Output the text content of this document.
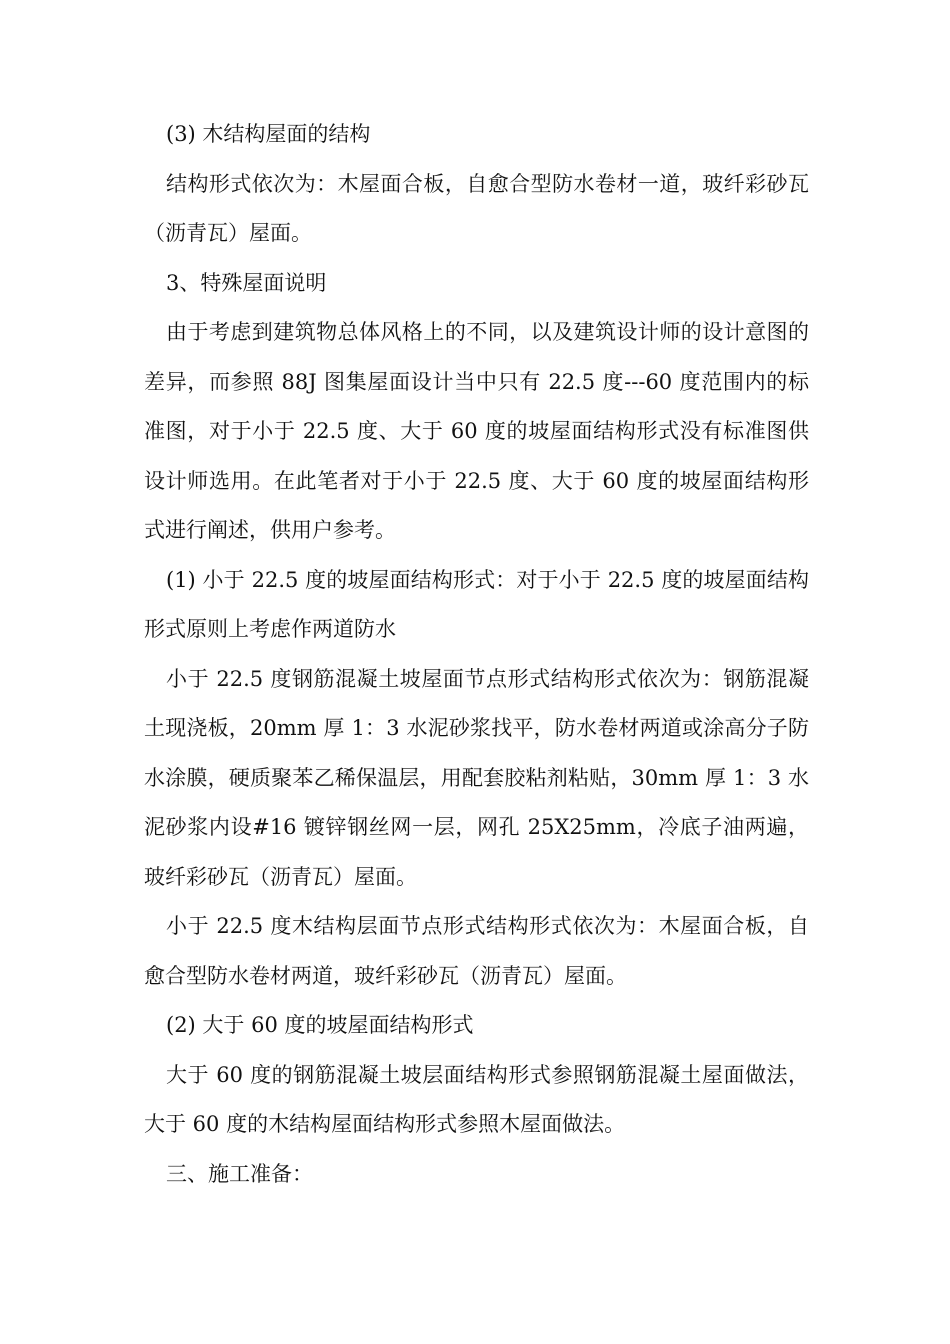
(3) 木结构屋面的结构

结构形式依次为：木屋面合板，自愈合型防水卷材一道，玻纤彩砂瓦（沥青瓦）屋面。

3、特殊屋面说明

由于考虑到建筑物总体风格上的不同，以及建筑设计师的设计意图的差异，而参照 88J 图集屋面设计当中只有 22.5 度---60 度范围内的标准图，对于小于 22.5 度、大于 60 度的坡屋面结构形式没有标准图供设计师选用。在此笔者对于小于 22.5 度、大于 60 度的坡屋面结构形式进行阐述，供用户参考。

(1) 小于 22.5 度的坡屋面结构形式：对于小于 22.5 度的坡屋面结构形式原则上考虑作两道防水

小于 22.5 度钢筋混凝土坡屋面节点形式结构形式依次为：钢筋混凝土现浇板，20mm 厚 1：3 水泥砂浆找平，防水卷材两道或涂高分子防水涂膜，硬质聚苯乙稀保温层，用配套胶粘剂粘贴，30mm 厚 1：3 水泥砂浆内设#16 镀锌钢丝网一层，网孔 25X25mm，冷底子油两遍，玻纤彩砂瓦（沥青瓦）屋面。

小于 22.5 度木结构层面节点形式结构形式依次为：木屋面合板，自愈合型防水卷材两道，玻纤彩砂瓦（沥青瓦）屋面。

(2) 大于 60 度的坡屋面结构形式

大于 60 度的钢筋混凝土坡层面结构形式参照钢筋混凝土屋面做法，大于 60 度的木结构屋面结构形式参照木屋面做法。

三、施工准备：
